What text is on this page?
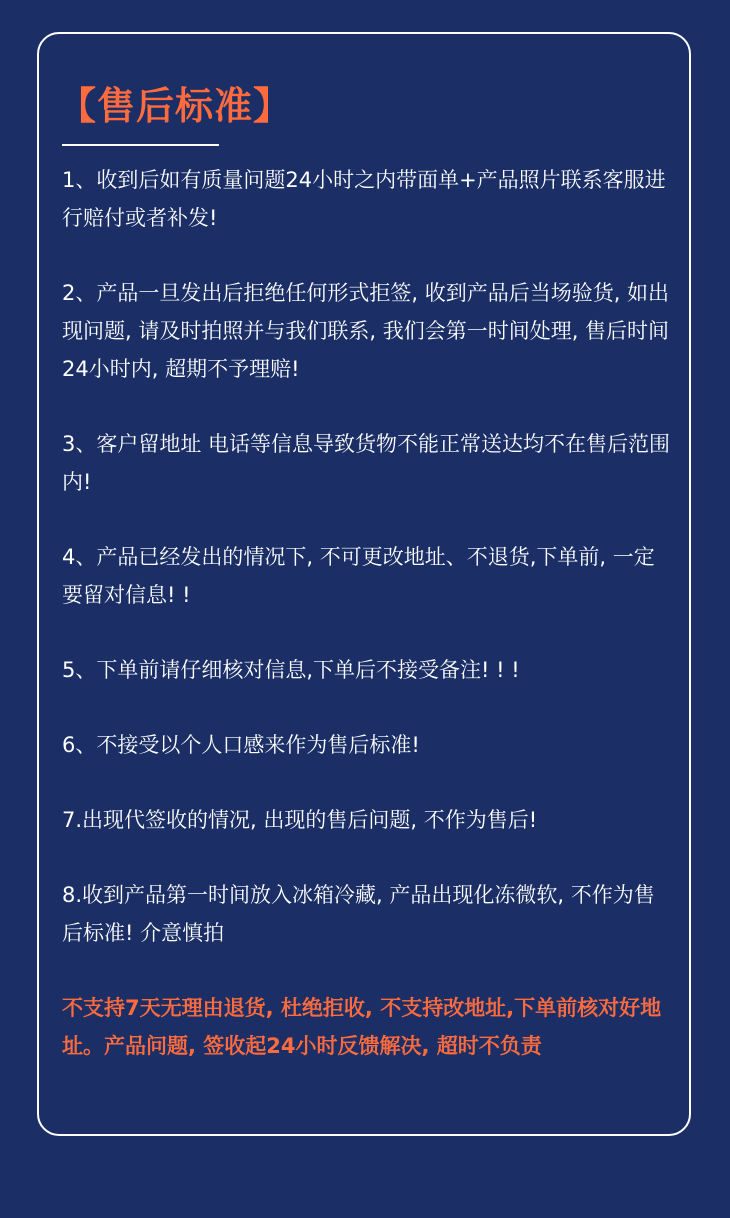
【售后标准】
1、收到后如有质量问题24小时之内带面单+产品照片联系客服进行赔付或者补发!
2、产品一旦发出后拒绝任何形式拒签, 收到产品后当场验货, 如出现问题, 请及时拍照并与我们联系, 我们会第一时间处理, 售后时间24小时内, 超期不予理赔!
3、客户留地址 电话等信息导致货物不能正常送达均不在售后范围内!
4、产品已经发出的情况下, 不可更改地址、不退货,下单前, 一定要留对信息! !
5、下单前请仔细核对信息,下单后不接受备注! ! !
6、不接受以个人口感来作为售后标准!
7.出现代签收的情况, 出现的售后问题, 不作为售后!
8.收到产品第一时间放入冰箱冷藏, 产品出现化冻微软, 不作为售后标准! 介意慎拍
不支持7天无理由退货, 杜绝拒收, 不支持改地址,下单前核对好地址。产品问题, 签收起24小时反馈解决, 超时不负责
